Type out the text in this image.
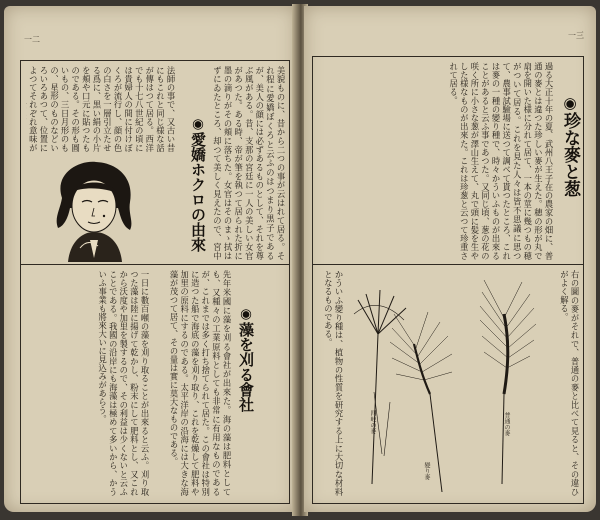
一二
◉愛嬌ホクロの由來
美貌ものに、昔から二つの事が云はれて居る。それ程に愛嬌ぼくろと云ふのはつまり黒子であるが、美人の顔には必ずあるものとして、それを尊ぶ風がある。昔、支那の宮廷に一人の美しい女官があつた。ある時、帝が筆を執つて居られた折に墨の滴りがその頬に落ちた。女官はそのまゝ拭はずにゐたところ、却つて美しく見えたので、宮中
法師の事で、又古い昔にもこれと同じ様な話が傳はつて居る。西洋でも十七八世紀の頃には貴婦人の間に付けぼくろが流行し、顔の色の白さを一層引立たせる爲に、黒い絹の小片を頬や口元に貼つたものである。その形も圓いもの、三日月形のもの、星形のものなどいろいろあつて、位置によつてそれぞれ意味が
◉藻を刈る會社
先年米國に藻を刈る會社が出來た。海の藻は肥料としても、又種々の工業原料としても非常に有用なものであるが、これまでは多く打ち捨てられて居た。この會社は特別に造つた船で海底の藻を刈り取り、これを乾燥して肥料や加里の原料にするのである。太平洋岸の沿海には大きな海藻が茂つて居て、その量は實に莫大なものである。
一日に數百噸の藻を刈り取ることが出來ると云ふ。刈り取つた藻は陸に揚げて乾かし、粉末にして肥料とし、又これから沃度や加里を製するので、その利益は少くないと云ふことである。我國の沿岸にも海藻は極めて多いから、かういふ事業も將來大いに見込みがあらう。
一三
◉珍な麥と葱
過る大正十年の夏、武州八王子在の農家の畑に、普通の麥とは違つた珍しい麥が生えた。穂の形が丸で扇を開いた様に分れて居て、一本の莖に幾つもの穂がついて居る。これを見た人々は皆不思議に思つて、農事試驗場に送つて調べて貰つたところ、これは麥の一種の變り種で、時々かういふものが出來ることがあると云ふ事であつた。又同じ頃、葱の花の咲く所に小さな葱が澤山生えて、丸で頭に髪を生やした様なものが出來た。これは珍葱と云つて珍重されて居る。
四岐の麥
變り麥
普通の麥	右の圖の麥がそれで、普通の麥と比べて見ると、その違ひがよく解る。
かういふ變り種は、植物の性質を研究する上に大切な材料となるものである。
